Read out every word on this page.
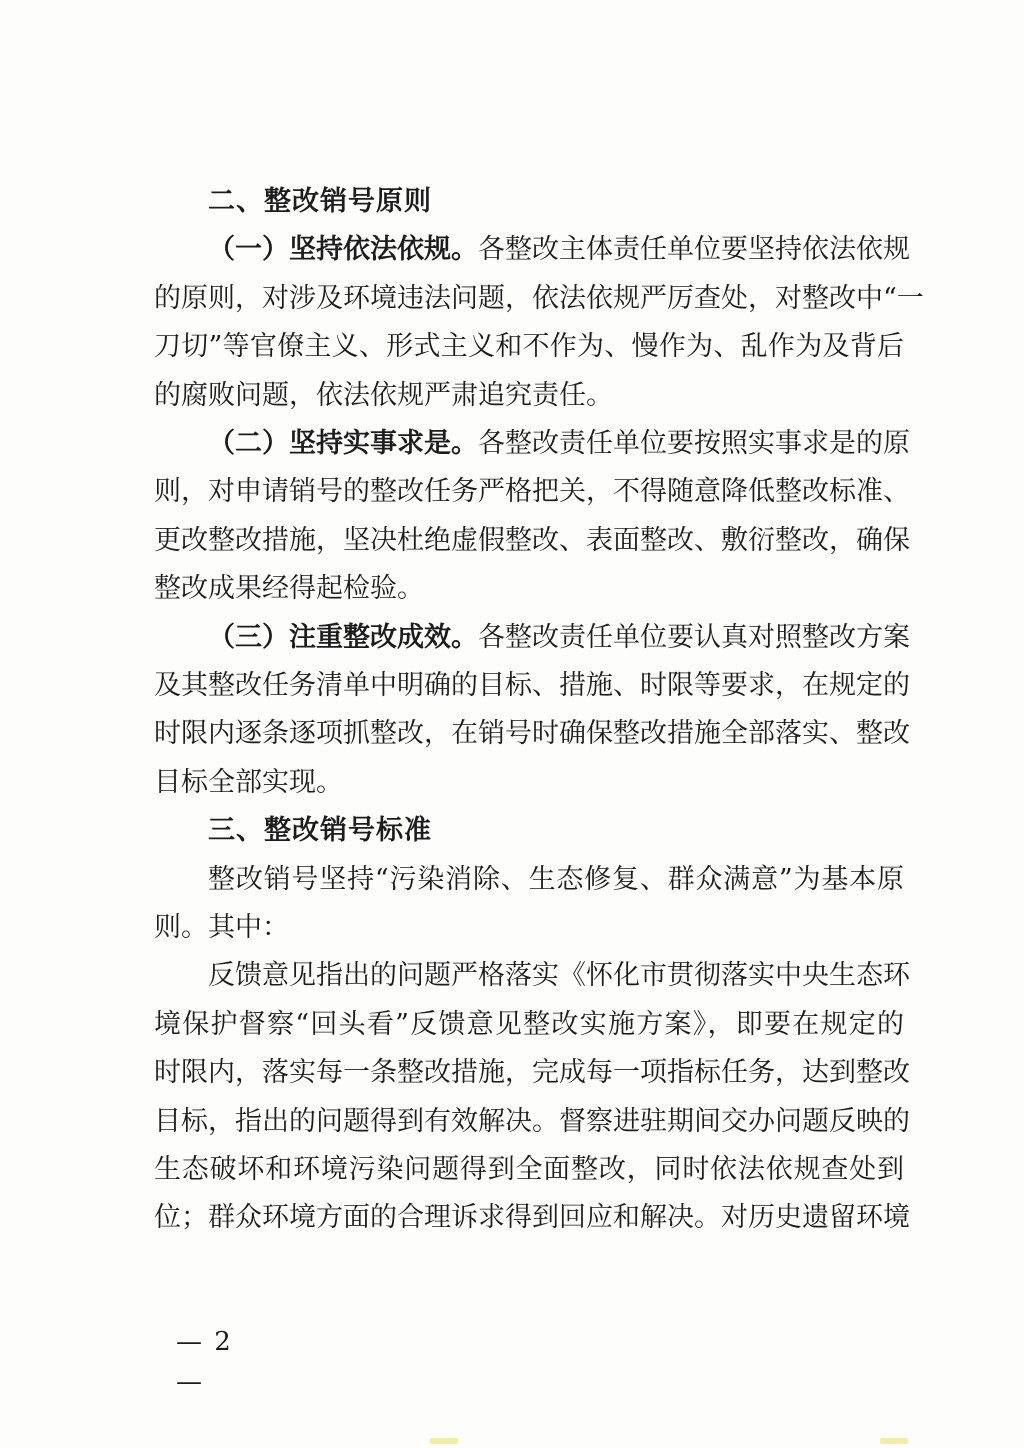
二、整改销号原则
（一）坚持依法依规。各整改主体责任单位要坚持依法依规
的原则，对涉及环境违法问题，依法依规严厉查处，对整改中“一
刀切”等官僚主义、形式主义和不作为、慢作为、乱作为及背后
的腐败问题，依法依规严肃追究责任。
（二）坚持实事求是。各整改责任单位要按照实事求是的原
则，对申请销号的整改任务严格把关，不得随意降低整改标准、
更改整改措施，坚决杜绝虚假整改、表面整改、敷衍整改，确保
整改成果经得起检验。
（三）注重整改成效。各整改责任单位要认真对照整改方案
及其整改任务清单中明确的目标、措施、时限等要求，在规定的
时限内逐条逐项抓整改，在销号时确保整改措施全部落实、整改
目标全部实现。
三、整改销号标准
整改销号坚持“污染消除、生态修复、群众满意”为基本原
则。其中：
反馈意见指出的问题严格落实《怀化市贯彻落实中央生态环
境保护督察“回头看”反馈意见整改实施方案》，即要在规定的
时限内，落实每一条整改措施，完成每一项指标任务，达到整改
目标，指出的问题得到有效解决。督察进驻期间交办问题反映的
生态破坏和环境污染问题得到全面整改，同时依法依规查处到
位；群众环境方面的合理诉求得到回应和解决。对历史遗留环境
— 2 —
